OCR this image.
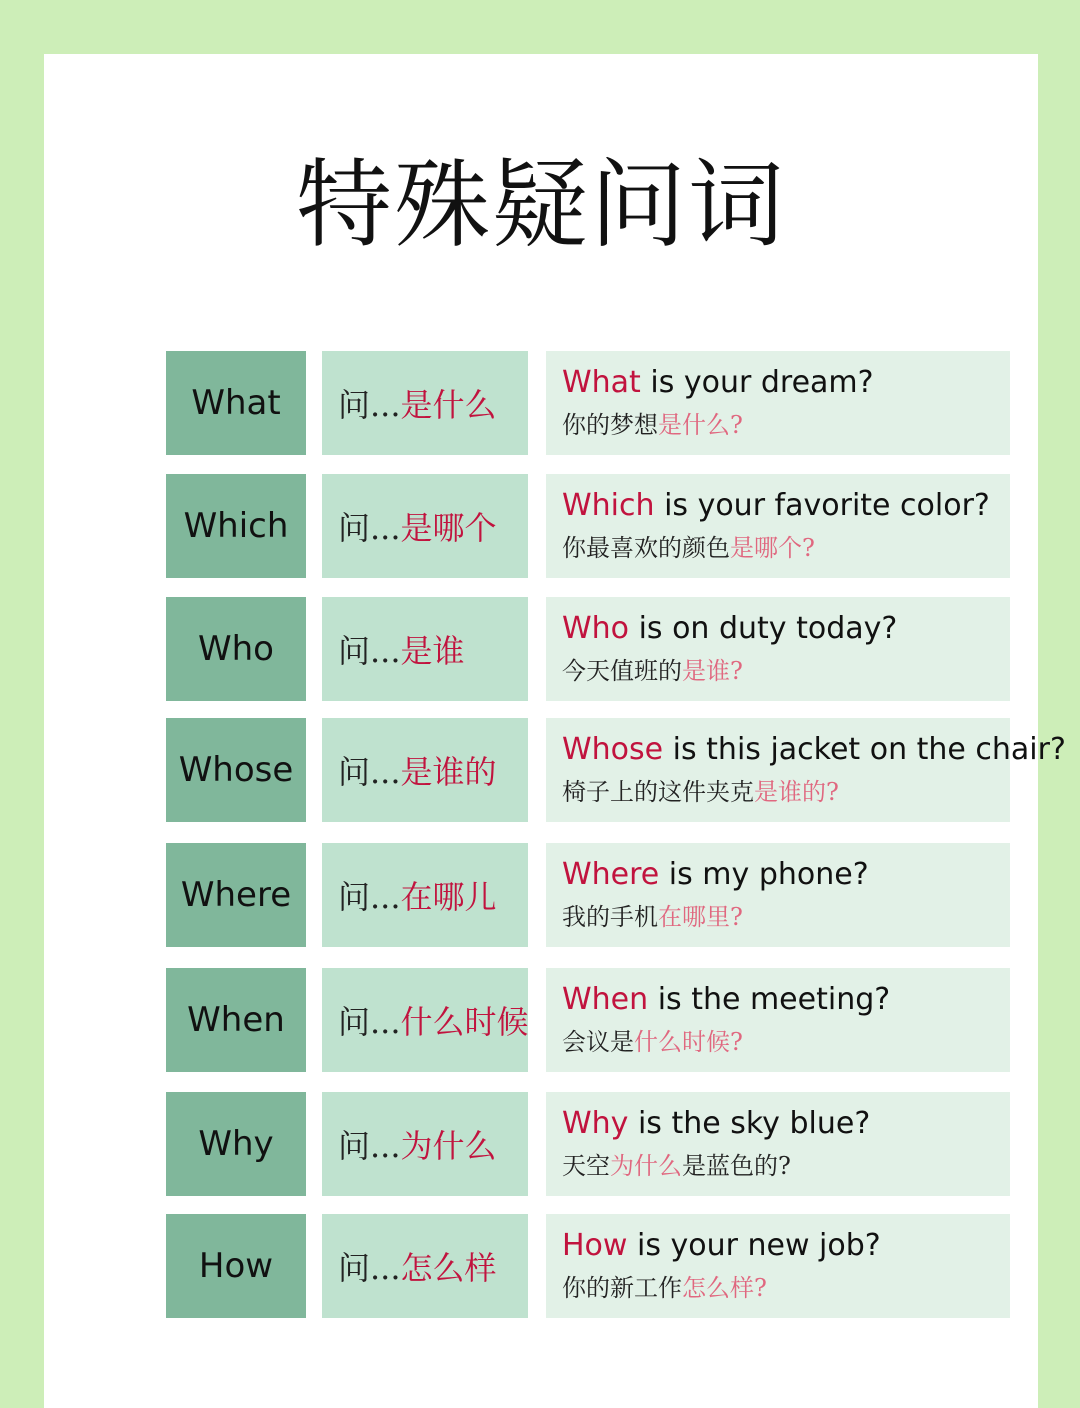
特殊疑问词
What 问... 是什么
What is your dream?
你的梦想是什么?
Which 问... 是哪个
Which is your favorite color?
你最喜欢的颜色是哪个?
Who 问... 是谁
Who is on duty today?
今天值班的是谁?
Whose 问... 是谁的
Whose is this jacket on the chair?
椅子上的这件夹克是谁的?
Where 问... 在哪儿
Where is my phone?
我的手机在哪里?
When 问... 什么时候
When is the meeting?
会议是什么时候?
Why 问... 为什么
Why is the sky blue?
天空为什么是蓝色的?
How 问... 怎么样
How is your new job?
你的新工作怎么样?
